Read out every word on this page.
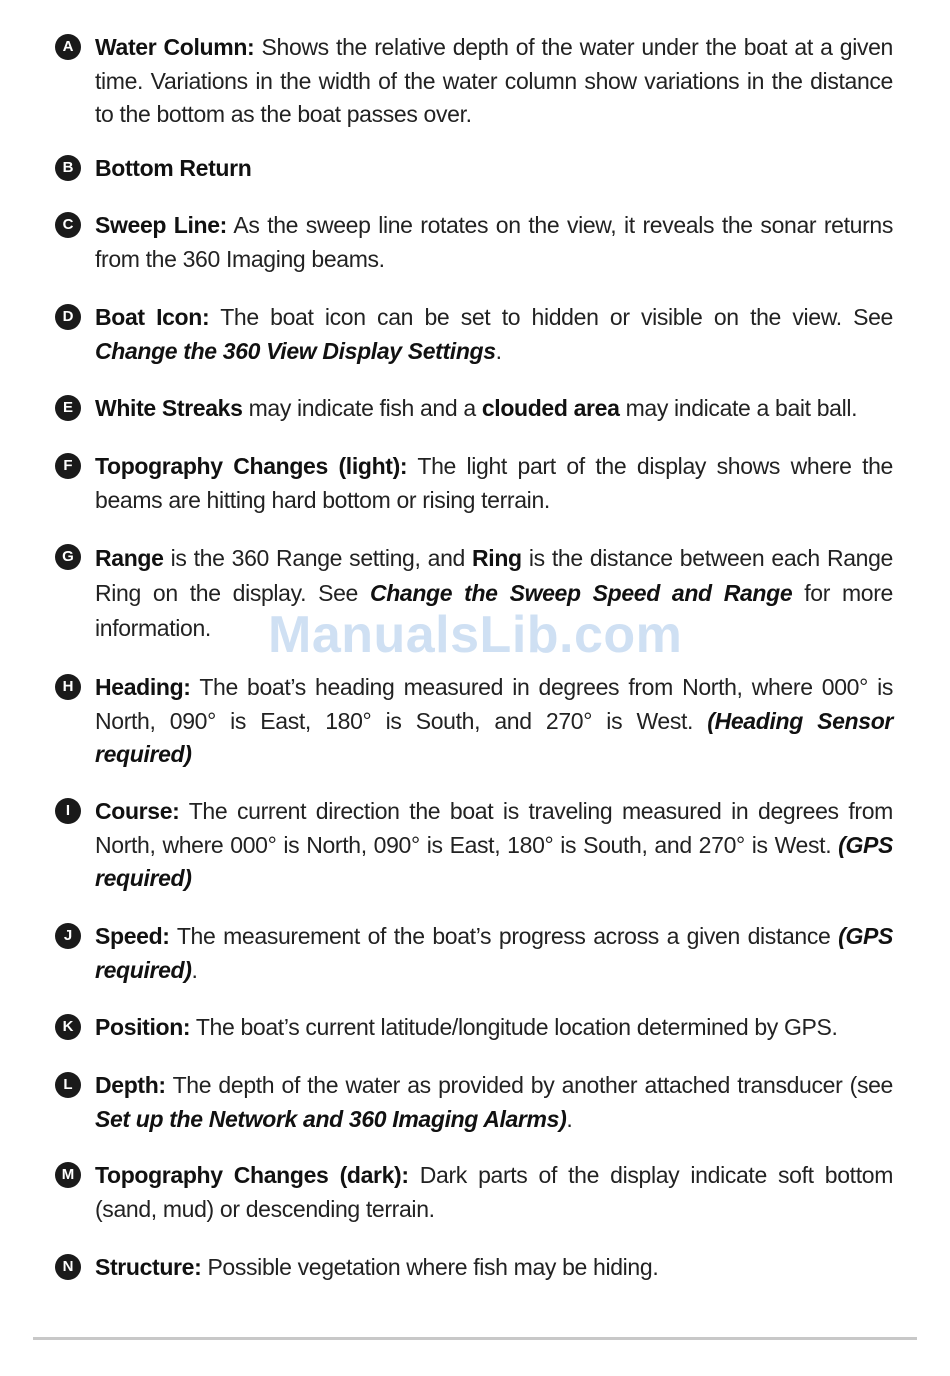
A Water Column: Shows the relative depth of the water under the boat at a given time. Variations in the width of the water column show variations in the distance to the bottom as the boat passes over.
B Bottom Return
C Sweep Line: As the sweep line rotates on the view, it reveals the sonar returns from the 360 Imaging beams.
D Boat Icon: The boat icon can be set to hidden or visible on the view. See Change the 360 View Display Settings.
E White Streaks may indicate fish and a clouded area may indicate a bait ball.
F Topography Changes (light): The light part of the display shows where the beams are hitting hard bottom or rising terrain.
G Range is the 360 Range setting, and Ring is the distance between each Range Ring on the display. See Change the Sweep Speed and Range for more information.
H Heading: The boat’s heading measured in degrees from North, where 000° is North, 090° is East, 180° is South, and 270° is West. (Heading Sensor required)
I	Course: The current direction the boat is traveling measured in degrees from North, where 000° is North, 090° is East, 180° is South, and 270° is West. (GPS required)
J Speed: The measurement of the boat’s progress across a given distance (GPS required).
K Position: The boat’s current latitude/longitude location determined by GPS.
L Depth: The depth of the water as provided by another attached transducer (see Set up the Network and 360 Imaging Alarms).
M Topography Changes (dark): Dark parts of the display indicate soft bottom (sand, mud) or descending terrain.
N Structure: Possible vegetation where fish may be hiding.
ManualsLib.com
